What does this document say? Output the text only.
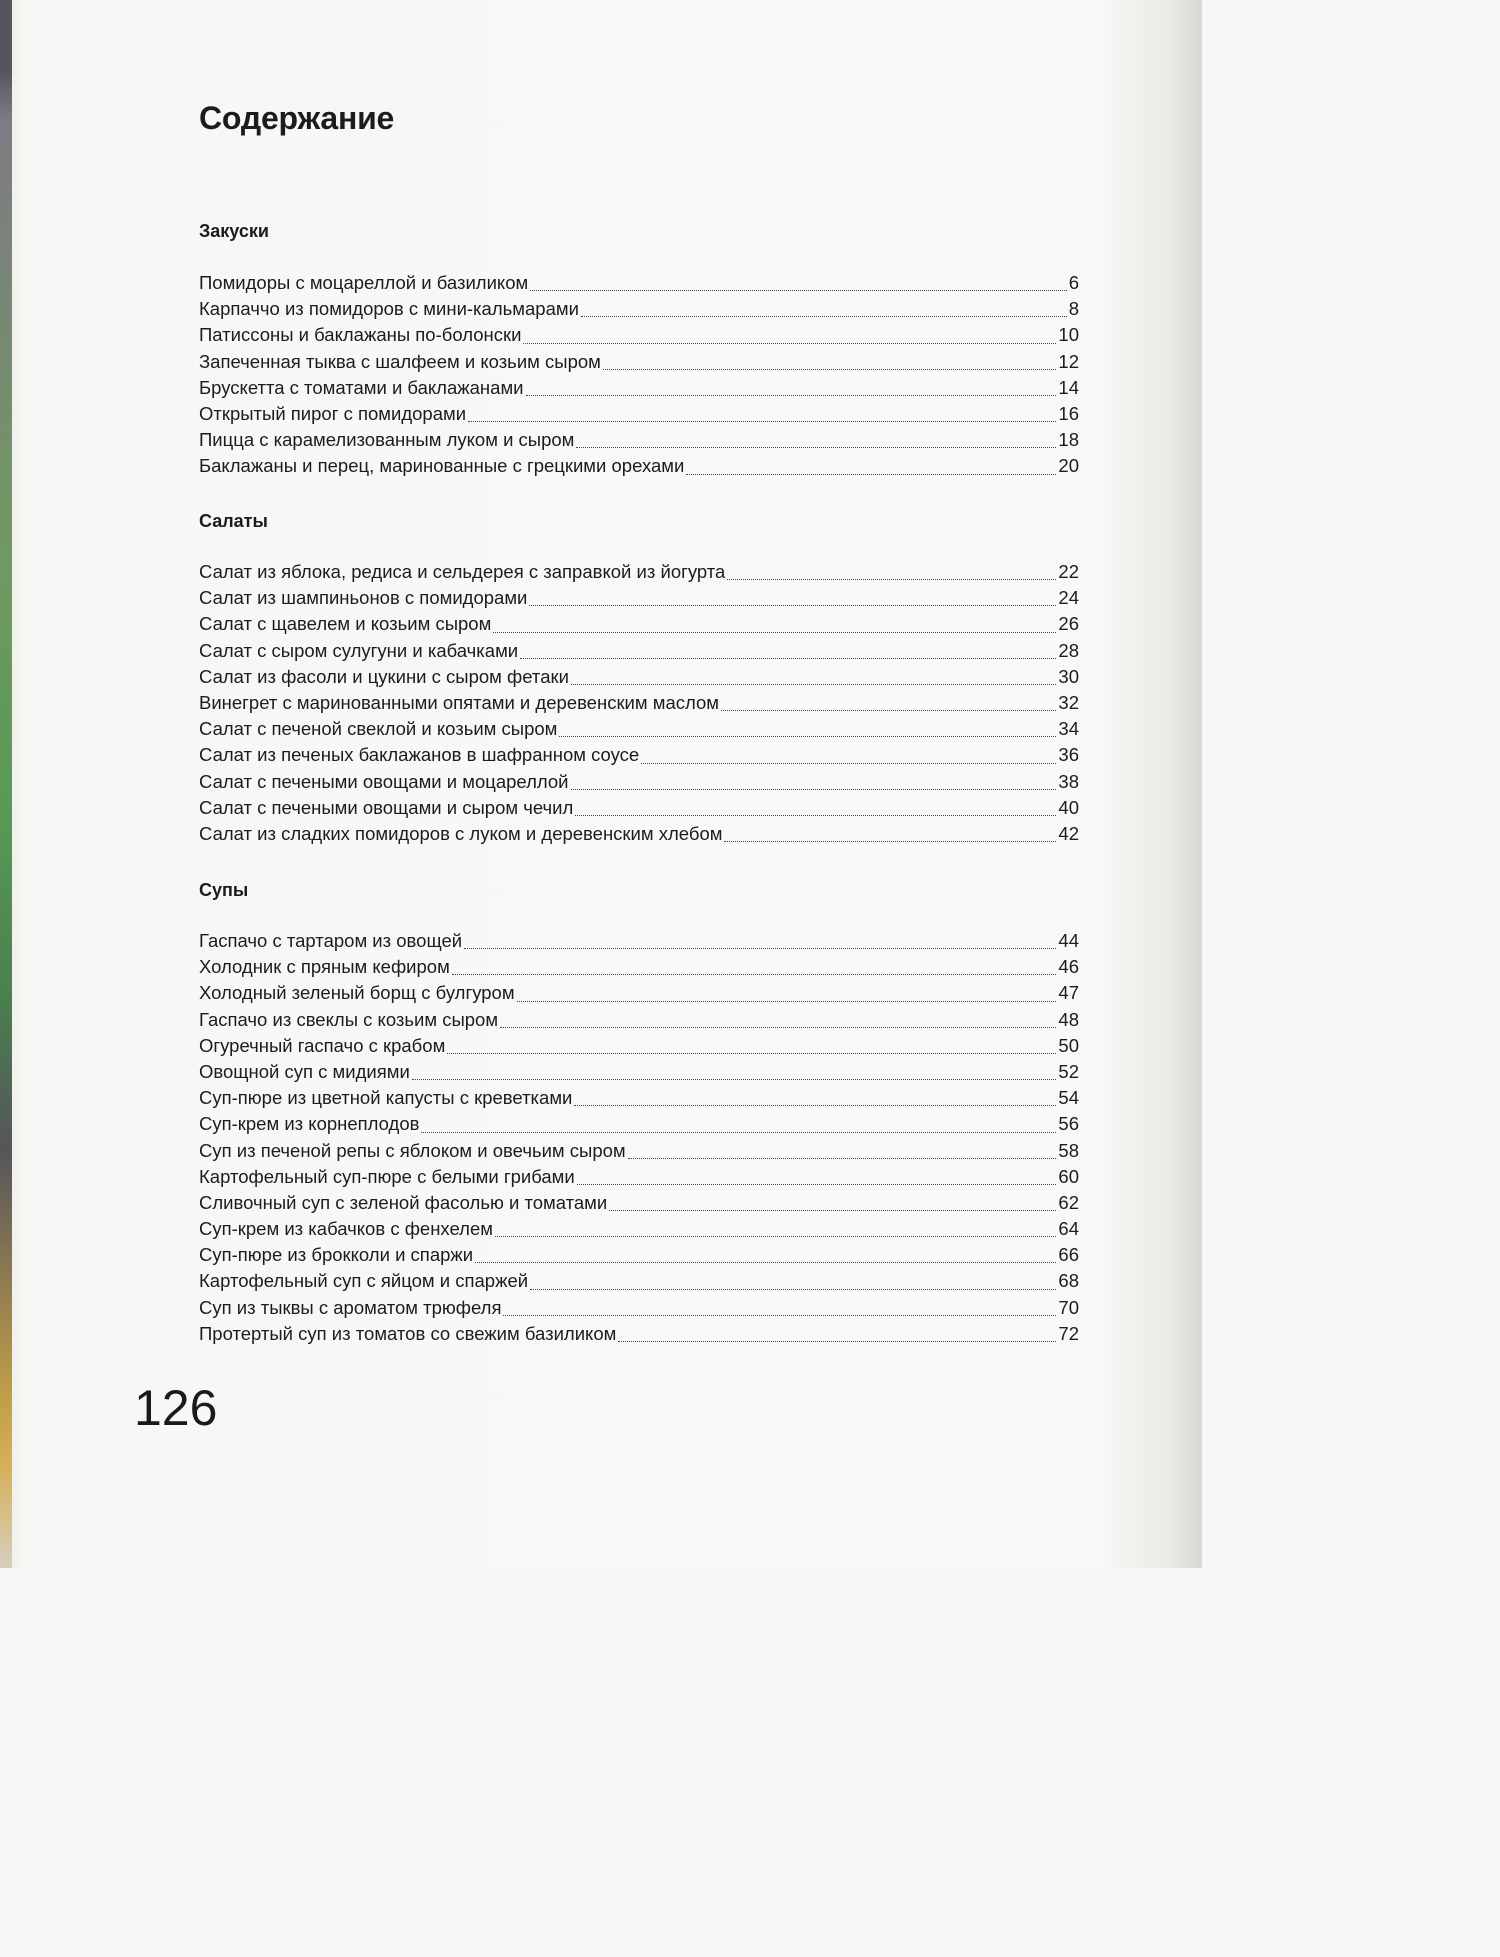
Содержание
Закуски
Помидоры с моцареллой и базиликом	6
Карпаччо из помидоров с мини-кальмарами	8
Патиссоны и баклажаны по-болонски	10
Запеченная тыква с шалфеем и козьим сыром	12
Брускетта с томатами и баклажанами	14
Открытый пирог с помидорами	16
Пицца с карамелизованным луком и сыром	18
Баклажаны и перец, маринованные с грецкими орехами	20
Салаты
Салат из яблока, редиса и сельдерея с заправкой из йогурта	22
Салат из шампиньонов с помидорами	24
Салат с щавелем и козьим сыром	26
Салат с сыром сулугуни и кабачками	28
Салат из фасоли и цукини с сыром фетаки	30
Винегрет с маринованными опятами и деревенским маслом	32
Салат с печеной свеклой и козьим сыром	34
Салат из печеных баклажанов в шафранном соусе	36
Салат с печеными овощами и моцареллой	38
Салат с печеными овощами и сыром чечил	40
Салат из сладких помидоров с луком и деревенским хлебом	42
Супы
Гаспачо с тартаром из овощей	44
Холодник с пряным кефиром	46
Холодный зеленый борщ с булгуром	47
Гаспачо из свеклы с козьим сыром	48
Огуречный гаспачо с крабом	50
Овощной суп с мидиями	52
Суп-пюре из цветной капусты с креветками	54
Суп-крем из корнеплодов	56
Суп из печеной репы с яблоком и овечьим сыром	58
Картофельный суп-пюре с белыми грибами	60
Сливочный суп с зеленой фасолью и томатами	62
Суп-крем из кабачков с фенхелем	64
Суп-пюре из брокколи и спаржи	66
Картофельный суп с яйцом и спаржей	68
Суп из тыквы с ароматом трюфеля	70
Протертый суп из томатов со свежим базиликом	72
126
